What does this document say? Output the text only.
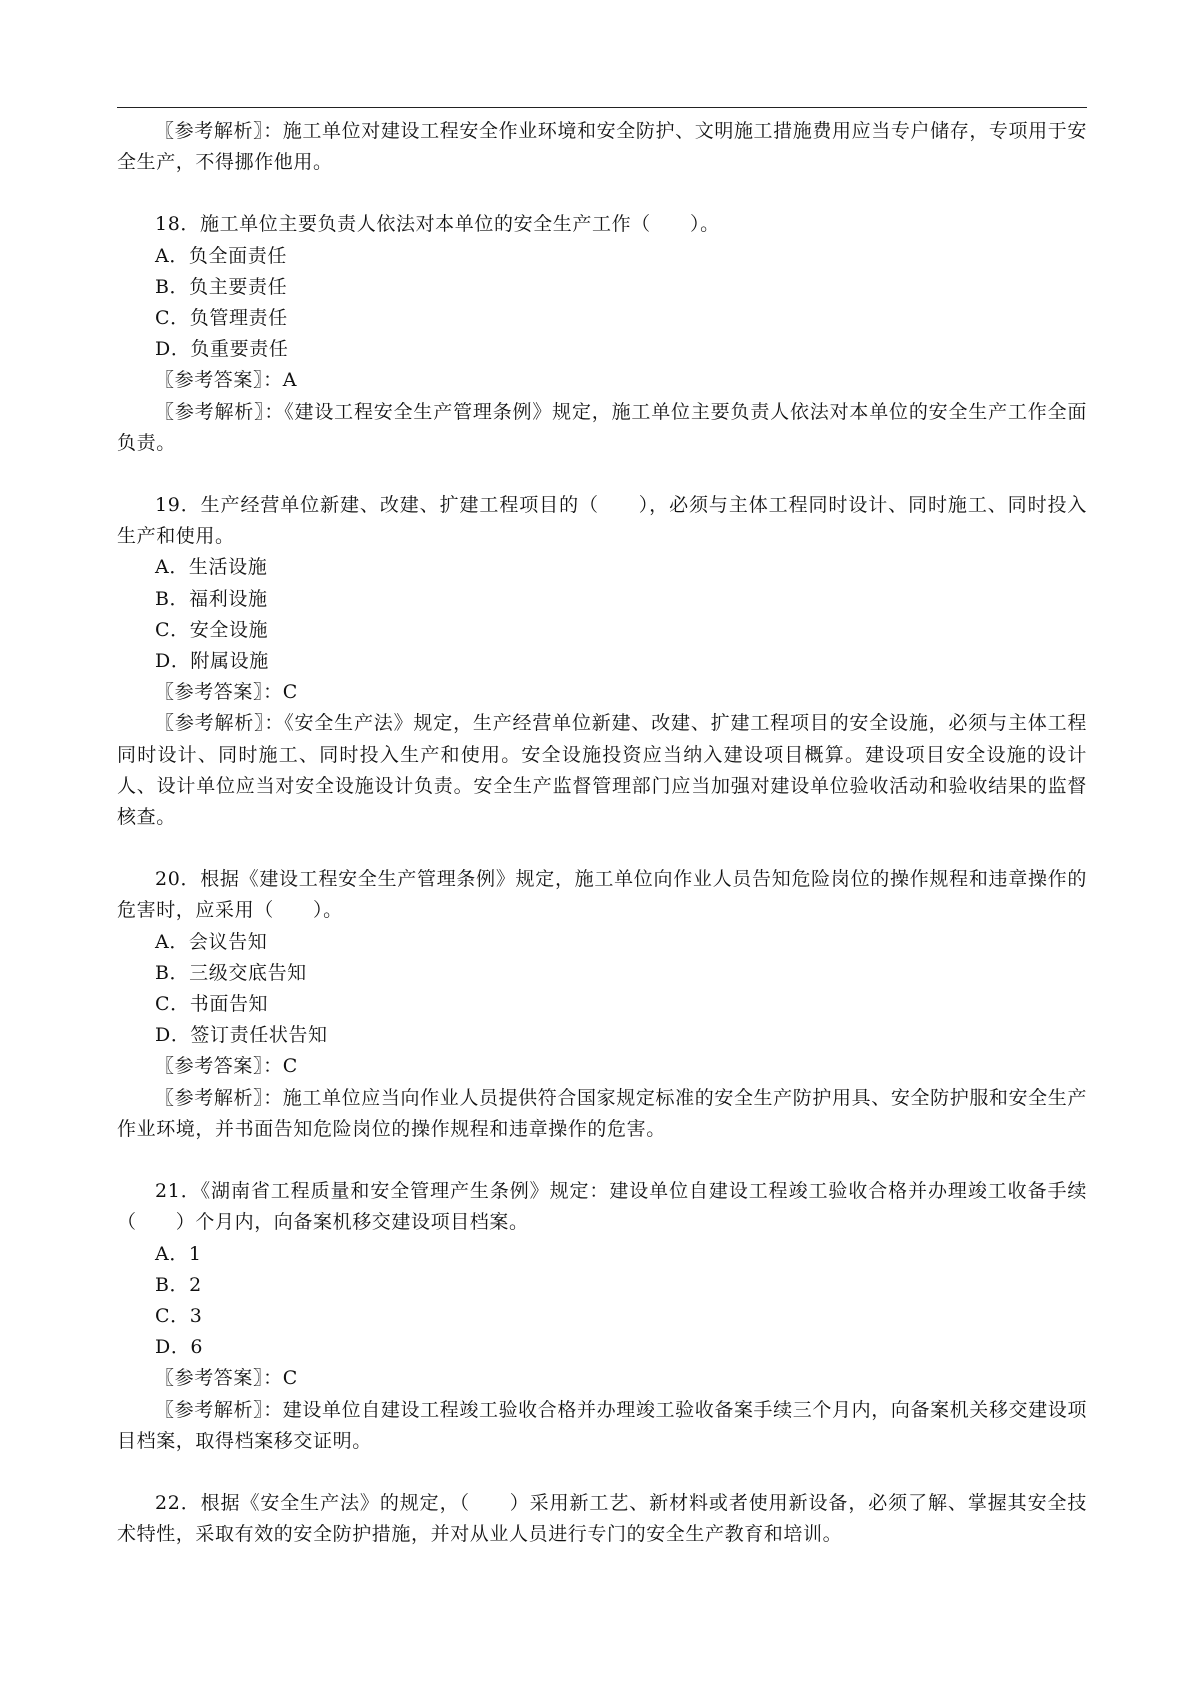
〖参考解析〗：施工单位对建设工程安全作业环境和安全防护、文明施工措施费用应当专户储存，专项用于安全生产，不得挪作他用。

18．施工单位主要负责人依法对本单位的安全生产工作（　　）。

A．负全面责任

B．负主要责任

C．负管理责任

D．负重要责任

〖参考答案〗：A

〖参考解析〗：《建设工程安全生产管理条例》规定，施工单位主要负责人依法对本单位的安全生产工作全面负责。

19．生产经营单位新建、改建、扩建工程项目的（　　），必须与主体工程同时设计、同时施工、同时投入生产和使用。

A．生活设施

B．福利设施

C．安全设施

D．附属设施

〖参考答案〗：C

〖参考解析〗：《安全生产法》规定，生产经营单位新建、改建、扩建工程项目的安全设施，必须与主体工程同时设计、同时施工、同时投入生产和使用。安全设施投资应当纳入建设项目概算。建设项目安全设施的设计人、设计单位应当对安全设施设计负责。安全生产监督管理部门应当加强对建设单位验收活动和验收结果的监督核查。

20．根据《建设工程安全生产管理条例》规定，施工单位向作业人员告知危险岗位的操作规程和违章操作的危害时，应采用（　　）。

A．会议告知

B．三级交底告知

C．书面告知

D．签订责任状告知

〖参考答案〗：C

〖参考解析〗：施工单位应当向作业人员提供符合国家规定标准的安全生产防护用具、安全防护服和安全生产作业环境，并书面告知危险岗位的操作规程和违章操作的危害。

21．《湖南省工程质量和安全管理产生条例》规定：建设单位自建设工程竣工验收合格并办理竣工收备手续（　　）个月内，向备案机移交建设项目档案。

A．1

B．2

C．3

D．6

〖参考答案〗：C

〖参考解析〗：建设单位自建设工程竣工验收合格并办理竣工验收备案手续三个月内，向备案机关移交建设项目档案，取得档案移交证明。

22．根据《安全生产法》的规定，（　　）采用新工艺、新材料或者使用新设备，必须了解、掌握其安全技术特性，采取有效的安全防护措施，并对从业人员进行专门的安全生产教育和培训。
